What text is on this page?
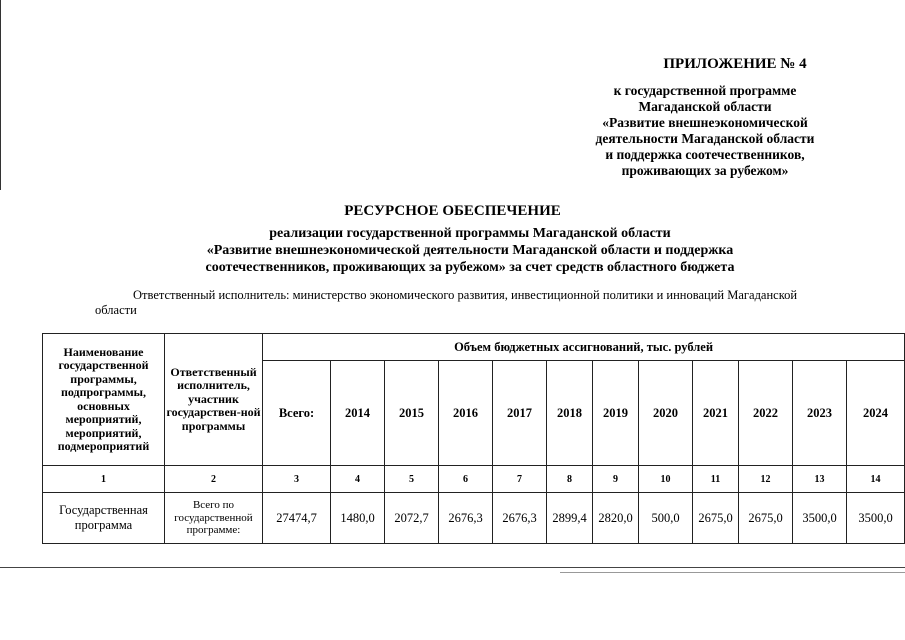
ПРИЛОЖЕНИЕ № 4
к государственной программе
Магаданской области
«Развитие внешнеэкономической
деятельности Магаданской области
и поддержка соотечественников,
проживающих за рубежом»
РЕСУРСНОЕ ОБЕСПЕЧЕНИЕ
реализации государственной программы Магаданской области
«Развитие внешнеэкономической деятельности Магаданской области и поддержка
соотечественников, проживающих за рубежом» за счет средств областного бюджета
Ответственный исполнитель: министерство экономического развития, инвестиционной политики и инноваций Магаданской
области
Наименование государственной программы, подпрограммы, основных мероприятий, мероприятий, подмероприятий	Ответственный исполнитель, участник государствен-ной программы	Объем бюджетных ассигнований, тыс. рублей											
		Всего:	2014	2015	2016	2017	2018	2019	2020	2021	2022	2023	2024
1	2	3	4	5	6	7	8	9	10	11	12	13	14
Государственная программа	Всего по государственной программе:	27474,7	1480,0	2072,7	2676,3	2676,3	2899,4	2820,0	500,0	2675,0	2675,0	3500,0	3500,0
